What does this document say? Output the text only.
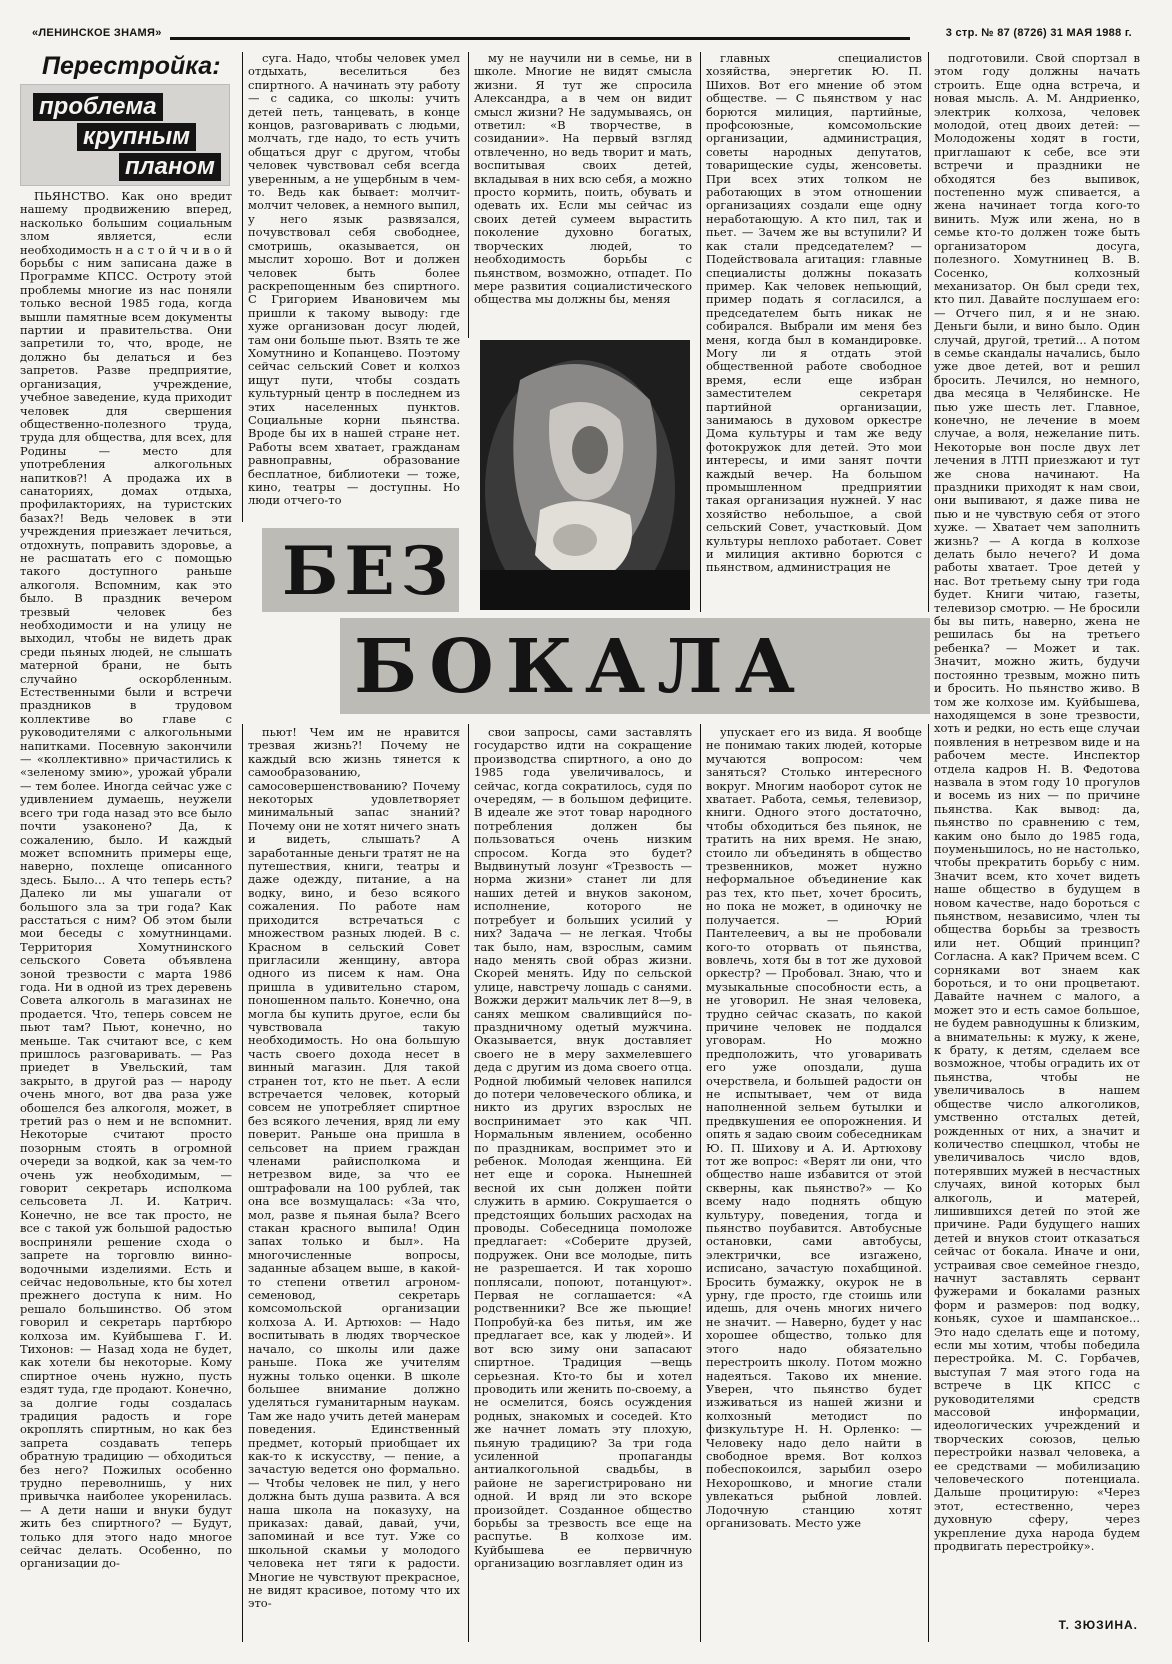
«ЛЕНИНСКОЕ ЗНАМЯ»	3 стр. № 87 (8726) 31 МАЯ 1988 г.
Перестройка:
проблема
крупным
планом

ПЬЯНСТВО. Как оно вредит нашему продвижению вперед, насколько большим социальным злом является, если необходимость н а с т о й ч и в о й борьбы с ним записана даже в Программе КПСС. Остроту этой проблемы многие из нас поняли только весной 1985 года, когда вышли памятные всем документы партии и правительства. Они запретили то, что, вроде, не должно бы делаться и без запретов. Разве предприятие, организация, учреждение, учебное заведение, куда приходит человек для свершения общественно-полезного труда, труда для общества, для всех, для Родины — место для употребления алкогольных напитков?! А продажа их в санаториях, домах отдыха, профилакториях, на туристских базах?! Ведь человек в эти учреждения приезжает лечиться, отдохнуть, поправить здоровье, а не расшатать его с помощью такого доступного раньше алкоголя. Вспомним, как это было. В праздник вечером трезвый человек без необходимости и на улицу не выходил, чтобы не видеть драк среди пьяных людей, не слышать матерной брани, не быть случайно оскорбленным. Естественными были и встречи праздников в трудовом коллективе во главе с руководителями с алкогольными напитками. Посевную закончили — «коллективно» причастились к «зеленому змию», урожай убрали— тем более. Иногда сейчас уже с удивлением думаешь, неужели всего три года назад это все было почти узаконено? Да, к сожалению, было. И каждый может вспомнить примеры еще, наверно, похлеще описанного здесь. Было... А что теперь есть? Далеко ли мы ушагали от большого зла за три года? Как расстаться с ним? Об этом были мои беседы с хомутнинцами. Территория Хомутнинского сельского Совета объявлена зоной трезвости с марта 1986 года. Ни в одной из трех деревень Совета алкоголь в магазинах не продается. Что, теперь совсем не пьют там? Пьют, конечно, но меньше. Так считают все, с кем пришлось разговаривать. — Раз приедет в Увельский, там закрыто, в другой раз — народу очень много, вот два раза уже обошелся без алкоголя, может, в третий раз о нем и не вспомнит. Некоторые считают просто позорным стоять в огромной очереди за водкой, как за чем-то очень уж необходимым, — говорит секретарь исполкома сельсовета Л. И. Катрич. Конечно, не все так просто, не все с такой уж большой радостью восприняли решение схода о запрете на торговлю винно-водочными изделиями. Есть и сейчас недовольные, кто бы хотел прежнего доступа к ним. Но решало большинство. Об этом говорил и секретарь партбюро колхоза им. Куйбышева Г. И. Тихонов: — Назад хода не будет, как хотели бы некоторые. Кому спиртное очень нужно, пусть ездят туда, где продают. Конечно, за долгие годы создалась традиция радость и горе окроплять спиртным, но как без запрета создавать теперь обратную традицию — обходиться без него? Пожилых особенно трудно переволнишь, у них привычка наиболее укоренилась. — А дети наши и внуки будут жить без спиртного? — Будут, только для этого надо многое сейчас делать. Особенно, по организации до-

суга. Надо, чтобы человек умел отдыхать, веселиться без спиртного. А начинать эту работу — с садика, со школы: учить детей петь, танцевать, в конце концов, разговаривать с людьми, молчать, где надо, то есть учить общаться друг с другом, чтобы человек чувствовал себя всегда уверенным, а не ущербным в чем-то. Ведь как бывает: молчит-молчит человек, а немного выпил, у него язык развязался, почувствовал себя свободнее, смотришь, оказывается, он мыслит хорошо. Вот и должен человек быть более раскрепощенным без спиртного. С Григорием Ивановичем мы пришли к такому выводу: где хуже организован досуг людей, там они больше пьют. Взять те же Хомутнино и Копанцево. Поэтому сейчас сельский Совет и колхоз ищут пути, чтобы создать культурный центр в последнем из этих населенных пунктов. Социальные корни пьянства. Вроде бы их в нашей стране нет. Работы всем хватает, гражданам равноправны, образование бесплатное, библиотеки — тоже, кино, театры — доступны. Но люди отчего-то

му не научили ни в семье, ни в школе. Многие не видят смысла жизни. Я тут же спросила Александра, а в чем он видит смысл жизни? Не задумываясь, он ответил: «В творчестве, в созидании». На первый взгляд отвлеченно, но ведь творит и мать, воспитывая своих детей, вкладывая в них всю себя, а можно просто кормить, поить, обувать и одевать их. Если мы сейчас из своих детей сумеем вырастить поколение духовно богатых, творческих людей, то необходимость борьбы с пьянством, возможно, отпадет. По мере развития социалистического общества мы должны бы, меняя

главных специалистов хозяйства, энергетик Ю. П. Шихов. Вот его мнение об этом обществе. — С пьянством у нас борются милиция, партийные, профсоюзные, комсомольские организации, администрация, советы народных депутатов, товарищеские суды, женсоветы. При всех этих толком не работающих в этом отношении организациях создали еще одну неработающую. А кто пил, так и пьет. — Зачем же вы вступили? И как стали председателем? — Подействовала агитация: главные специалисты должны показать пример. Как человек непьющий, пример подать я согласился, а председателем быть никак не собирался. Выбрали им меня без меня, когда был в командировке. Могу ли я отдать этой общественной работе свободное время, если еще избран заместителем секретаря партийной организации, занимаюсь в духовом оркестре Дома культуры и там же веду фотокружок для детей. Это мои интересы, и ими занят почти каждый вечер. На большом промышленном предприятии такая организация нужней. У нас хозяйство небольшое, а свой сельский Совет, участковый. Дом культуры неплохо работает. Совет и милиция активно борются с пьянством, администрация не

подготовили. Свой спортзал в этом году должны начать строить. Еще одна встреча, и новая мысль. А. М. Андриенко, электрик колхоза, человек молодой, отец двоих детей: — Молодожены ходят в гости, приглашают к себе, все эти встречи и праздники не обходятся без выпивок, постепенно муж спивается, а жена начинает тогда кого-то винить. Муж или жена, но в семье кто-то должен тоже быть организатором досуга, полезного. Хомутнинец В. В. Сосенко, колхозный механизатор. Он был среди тех, кто пил. Давайте послушаем его: — Отчего пил, я и не знаю. Деньги были, и вино было. Один случай, другой, третий... А потом в семье скандалы начались, было уже двое детей, вот и решил бросить. Лечился, но немного, два месяца в Челябинске. Не пью уже шесть лет. Главное, конечно, не лечение в моем случае, а воля, нежелание пить. Некоторые вон после двух лет лечения в ЛТП приезжают и тут же снова начинают. На праздники приходят к нам свои, они выпивают, я даже пива не пью и не чувствую себя от этого хуже. — Хватает чем заполнить жизнь? — А когда в колхозе делать было нечего? И дома работы хватает. Трое детей у нас. Вот третьему сыну три года будет. Книги читаю, газеты, телевизор смотрю. — Не бросили бы вы пить, наверно, жена не решилась бы на третьего ребенка? — Может и так. Значит, можно жить, будучи постоянно трезвым, можно пить и бросить. Но пьянство живо. В том же колхозе им. Куйбышева, находящемся в зоне трезвости, хоть и редки, но есть еще случаи появления в нетрезвом виде и на рабочем месте. Инспектор отдела кадров Н. В. Федотова назвала в этом году 10 прогулов и восемь из них — по причине пьянства. Как вывод: да, пьянство по сравнению с тем, каким оно было до 1985 года, поуменьшилось, но не настолько, чтобы прекратить борьбу с ним. Значит всем, кто хочет видеть наше общество в будущем в новом качестве, надо бороться с пьянством, независимо, член ты общества борьбы за трезвость или нет. Общий принцип? Согласна. А как? Причем всем. С сорняками вот знаем как бороться, и то они процветают. Давайте начнем с малого, а может это и есть самое большое, не будем равнодушны к близким, а внимательны: к мужу, к жене, к брату, к детям, сделаем все возможное, чтобы оградить их от пьянства, чтобы не увеличивалось в нашем обществе число алкоголиков, умственно отсталых детей, рожденных от них, а значит и количество спецшкол, чтобы не увеличивалось число вдов, потерявших мужей в несчастных случаях, виной которых был алкоголь, и матерей, лишившихся детей по этой же причине. Ради будущего наших детей и внуков стоит отказаться сейчас от бокала. Иначе и они, устраивая свое семейное гнездо, начнут заставлять сервант фужерами и бокалами разных форм и размеров: под водку, коньяк, сухое и шампанское... Это надо сделать еще и потому, если мы хотим, чтобы победила перестройка. М. С. Горбачев, выступая 7 мая этого года на встрече в ЦК КПСС с руководителями средств массовой информации, идеологических учреждений и творческих союзов, целью перестройки назвал человека, а ее средствами — мобилизацию человеческого потенциала. Дальше процитирую: «Через этот, естественно, через духовную сферу, через укрепление духа народа будем продвигать перестройку».

БЕЗ
БОКАЛА

пьют! Чем им не нравится трезвая жизнь?! Почему не каждый всю жизнь тянется к самообразованию, самосовершенствованию? Почему некоторых удовлетворяет минимальный запас знаний? Почему они не хотят ничего знать и видеть, слышать? А заработанные деньги тратят не на путешествия, книги, театры и даже одежду, питание, а на водку, вино, и безо всякого сожаления. По работе нам приходится встречаться с множеством разных людей. В с. Красном в сельский Совет пригласили женщину, автора одного из писем к нам. Она пришла в удивительно старом, поношенном пальто. Конечно, она могла бы купить другое, если бы чувствовала такую необходимость. Но она большую часть своего дохода несет в винный магазин. Для такой странен тот, кто не пьет. А если встречается человек, который совсем не употребляет спиртное без всякого лечения, вряд ли ему поверит. Раньше она пришла в сельсовет на прием граждан членами райисполкома и нетрезвом виде, за что ее оштрафовали на 100 рублей, так она все возмущалась: «За что, мол, разве я пьяная была? Всего стакан красного выпила! Один запах только и был». На многочисленные вопросы, заданные абзацем выше, в какой-то степени ответил агроном-семеновод, секретарь комсомольской организации колхоза А. И. Артюхов: — Надо воспитывать в людях творческое начало, со школы или даже раньше. Пока же учителям нужны только оценки. В школе большее внимание должно уделяться гуманитарным наукам. Там же надо учить детей манерам поведения. Единственный предмет, который приобщает их как-то к искусству, — пение, а зачастую ведется оно формально. — Чтобы человек не пил, у него должна быть душа развита. А вся наша школа на показуху, на приказах: давай, давай, учи, запоминай и все тут. Уже со школьной скамьи у молодого человека нет тяги к радости. Многие не чувствуют прекрасное, не видят красивое, потому что их это-

свои запросы, сами заставлять государство идти на сокращение производства спиртного, а оно до 1985 года увеличивалось, и сейчас, когда сократилось, судя по очередям, — в большом дефиците. В идеале же этот товар народного потребления должен бы пользоваться очень низким спросом. Когда это будет? Выдвинутый лозунг «Трезвость — норма жизни» станет ли для наших детей и внуков законом, исполнение, которого не потребует и больших усилий у них? Задача — не легкая. Чтобы так было, нам, взрослым, самим надо менять свой образ жизни. Скорей менять. Иду по сельской улице, навстречу лошадь с санями. Вожжи держит мальчик лет 8—9, в санях мешком сваливщийся по-праздничному одетый мужчина. Оказывается, внук доставляет своего не в меру захмелевшего деда с другим из дома своего отца. Родной любимый человек напился до потери человеческого облика, и никто из других взрослых не воспринимает это как ЧП. Нормальным явлением, особенно по праздникам, воспримет это и ребенок. Молодая женщина. Ей нет еще и сорока. Нынешней весной их сын должен пойти служить в армию. Сокрушается о предстоящих больших расходах на проводы. Собеседница помоложе предлагает: «Соберите друзей, подружек. Они все молодые, пить не разрешается. И так хорошо поплясали, попоют, потанцуют». Первая не соглашается: «А родственники? Все же пьющие! Попробуй-ка без питья, им же предлагает все, как у людей». И вот всю зиму они запасают спиртное. Традиция —вещь серьезная. Кто-то бы и хотел проводить или женить по-своему, а не осмелится, боясь осуждения родных, знакомых и соседей. Кто же начнет ломать эту плохую, пьяную традицию? За три года усиленной пропаганды антиалкогольной свадьбы, в районе не зарегистрировано ни одной. И вряд ли это вскоре произойдет. Созданное общество борьбы за трезвость все еще на распутье. В колхозе им. Куйбышева ее первичную организацию возглавляет один из

упускает его из вида. Я вообще не понимаю таких людей, которые мучаются вопросом: чем заняться? Столько интересного вокруг. Многим наоборот суток не хватает. Работа, семья, телевизор, книги. Одного этого достаточно, чтобы обходиться без пьянок, не тратить на них время. Не знаю, стоило ли объединять в общество трезвенников, может нужно неформальное объединение как раз тех, кто пьет, хочет бросить, но пока не может, в одиночку не получается. — Юрий Пантелеевич, а вы не пробовали кого-то оторвать от пьянства, вовлечь, хотя бы в тот же духовой оркестр? — Пробовал. Знаю, что и музыкальные способности есть, а не уговорил. Не зная человека, трудно сейчас сказать, по какой причине человек не поддался уговорам. Но можно предположить, что уговаривать его уже опоздали, душа очерствела, и большей радости он не испытывает, чем от вида наполненной зельем бутылки и предвкушения ее опорожнения. И опять я задаю своим собеседникам Ю. П. Шихову и А. И. Артюхову тот же вопрос: «Верят ли они, что общество наше избавится от этой скверны, как пьянство?» — Ко всему надо поднять общую культуру, поведения, тогда и пьянство поубавится. Автобусные остановки, сами автобусы, электрички, все изгажено, исписано, зачастую похабщиной. Бросить бумажку, окурок не в урну, где просто, где стоишь или идешь, для очень многих ничего не значит. — Наверно, будет у нас хорошее общество, только для этого надо обязательно перестроить школу. Потом можно надеяться. Таково их мнение. Уверен, что пьянство будет изживаться из нашей жизни и колхозный методист по физкультуре Н. Н. Орленко: — Человеку надо дело найти в свободное время. Вот колхоз побеспокоился, зарыбил озеро Нехорошково, и многие стали увлекаться рыбной ловлей. Лодочную станцию хотят организовать. Место уже

Т. ЗЮЗИНА.
